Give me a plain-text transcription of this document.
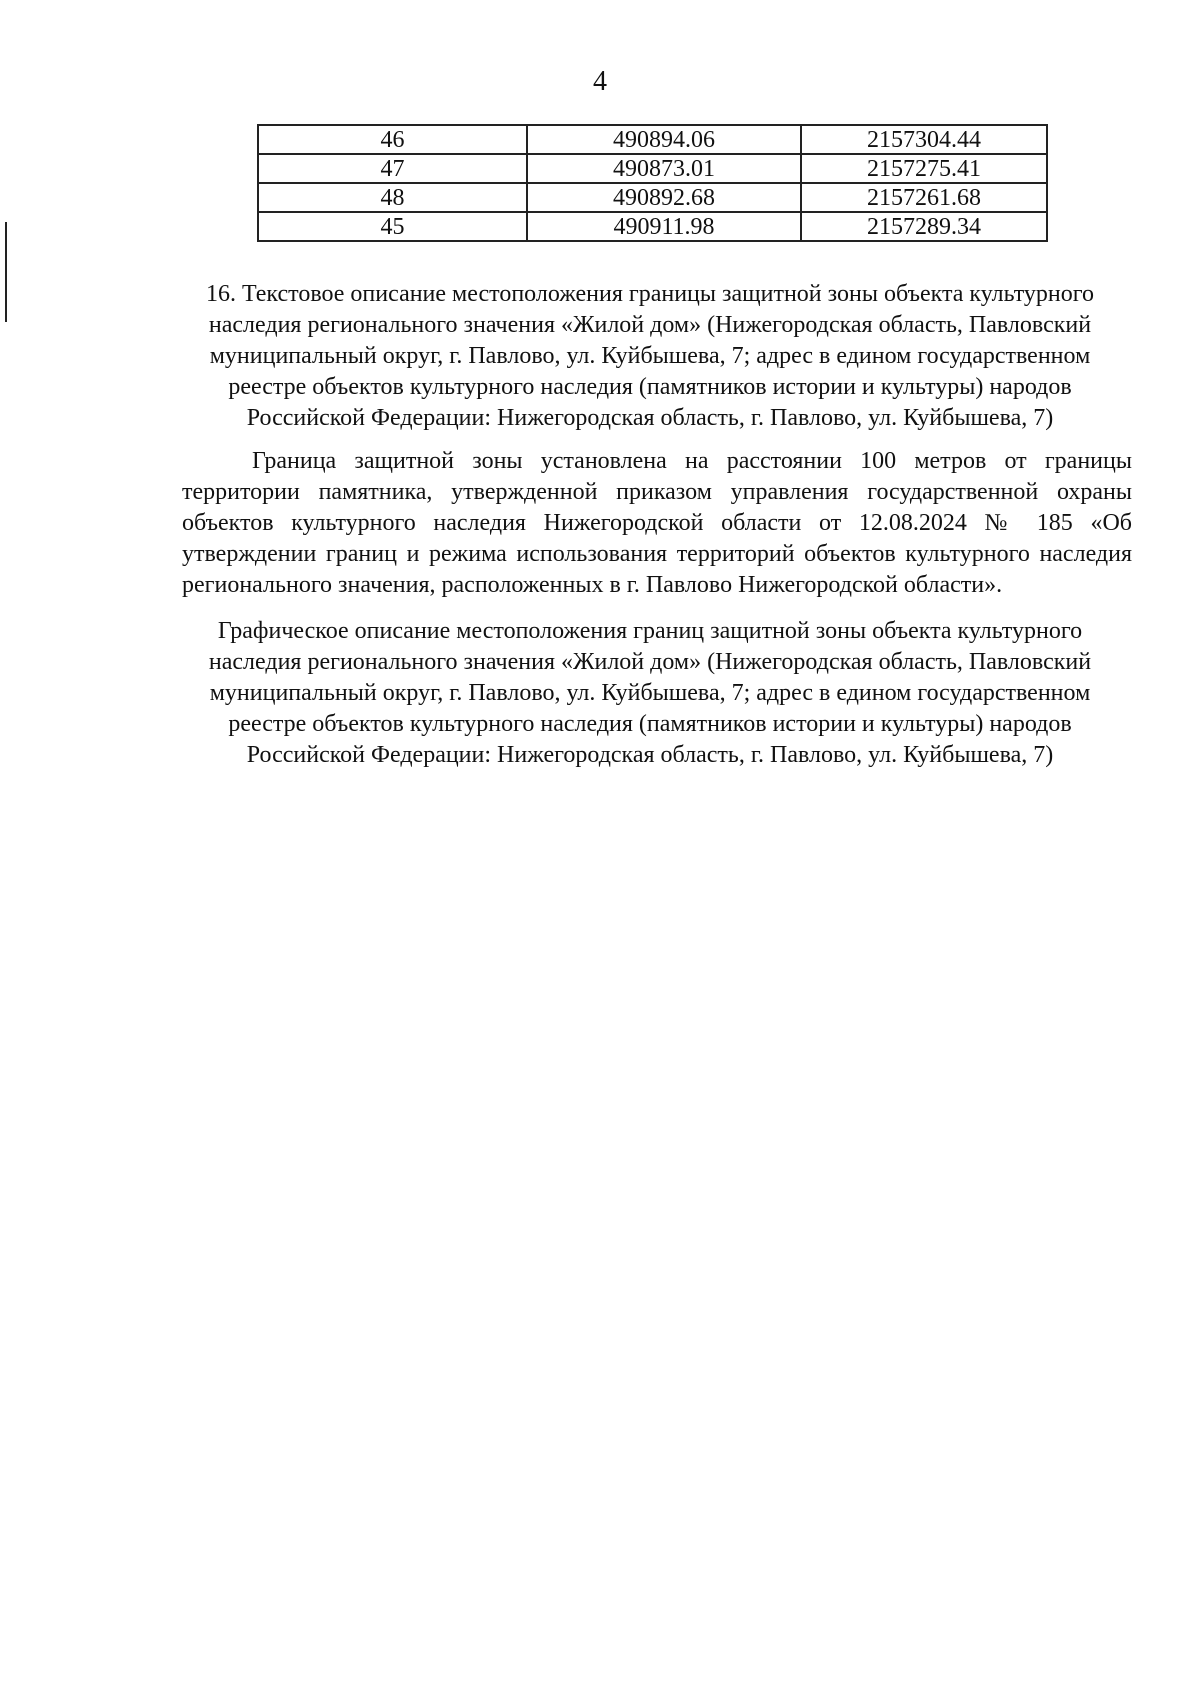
4
46	490894.06	2157304.44
47	490873.01	2157275.41
48	490892.68	2157261.68
45	490911.98	2157289.34
16. Текстовое описание местоположения границы защитной зоны объекта культурного
наследия регионального значения «Жилой дом» (Нижегородская область, Павловский
муниципальный округ, г. Павлово, ул. Куйбышева, 7; адрес в едином государственном
реестре объектов культурного наследия (памятников истории и культуры) народов
Российской Федерации: Нижегородская область, г. Павлово, ул. Куйбышева, 7)
Граница защитной зоны установлена на расстоянии 100 метров от границы
территории памятника, утвержденной приказом управления государственной охраны
объектов культурного наследия Нижегородской области от 12.08.2024 № 185 «Об
утверждении границ и режима использования территорий объектов культурного наследия
регионального значения, расположенных в г. Павлово Нижегородской области».
Графическое описание местоположения границ защитной зоны объекта культурного
наследия регионального значения «Жилой дом» (Нижегородская область, Павловский
муниципальный округ, г. Павлово, ул. Куйбышева, 7; адрес в едином государственном
реестре объектов культурного наследия (памятников истории и культуры) народов
Российской Федерации: Нижегородская область, г. Павлово, ул. Куйбышева, 7)
